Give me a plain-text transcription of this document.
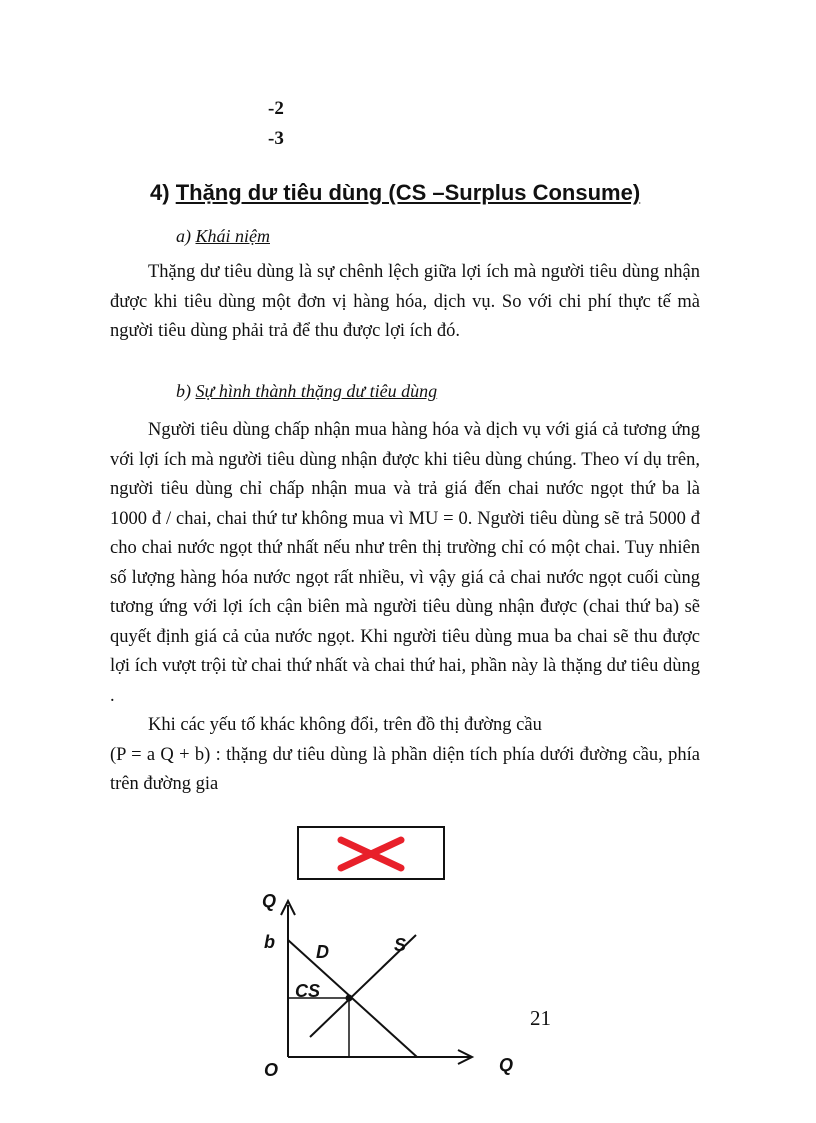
-2
-3
4) Thặng dư tiêu dùng (CS –Surplus Consume)
a) Khái niệm
Thặng dư tiêu dùng là sự chênh lệch giữa lợi ích mà người tiêu dùng nhận được khi tiêu dùng một đơn vị hàng hóa, dịch vụ. So với chi phí thực tế mà người tiêu dùng phải trả để thu được lợi ích đó.
b) Sự hình thành thặng dư tiêu dùng
Người tiêu dùng chấp nhận mua hàng hóa và dịch vụ với giá cả tương ứng với lợi ích mà người tiêu dùng nhận được khi tiêu dùng chúng. Theo ví dụ trên, người tiêu dùng chỉ chấp nhận mua và trả giá đến chai nước ngọt thứ ba là 1000 đ / chai, chai thứ tư không mua vì MU = 0. Người tiêu dùng sẽ trả 5000 đ cho chai nước ngọt thứ nhất nếu như trên thị trường chỉ có một chai. Tuy nhiên số lượng hàng hóa nước ngọt rất nhiều, vì vậy giá cả chai nước ngọt cuối cùng tương ứng với lợi ích cận biên mà người tiêu dùng nhận được (chai thứ ba) sẽ quyết định giá cả của nước ngọt. Khi người tiêu dùng mua ba chai sẽ thu được lợi ích vượt trội từ chai thứ nhất và chai thứ hai, phần này là thặng dư tiêu dùng .
Khi các yếu tố khác không đổi, trên đồ thị đường cầu
(P = a Q + b) : thặng dư tiêu dùng là phần diện tích phía dưới đường cầu, phía trên đường gia
Q
b D	S
CS
O	Q
21
